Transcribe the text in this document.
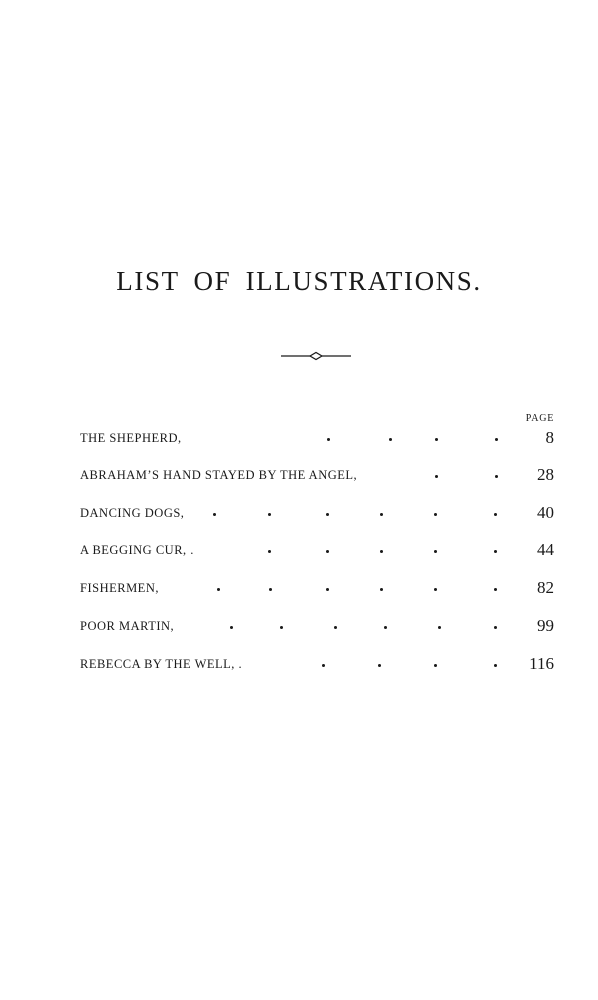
LIST OF ILLUSTRATIONS.
PAGE
THE SHEPHERD,	8
ABRAHAM’S HAND STAYED BY THE ANGEL,	28
DANCING DOGS,	40
A BEGGING CUR, .	44
FISHERMEN,	82
POOR MARTIN,	99
REBECCA BY THE WELL, .	116
